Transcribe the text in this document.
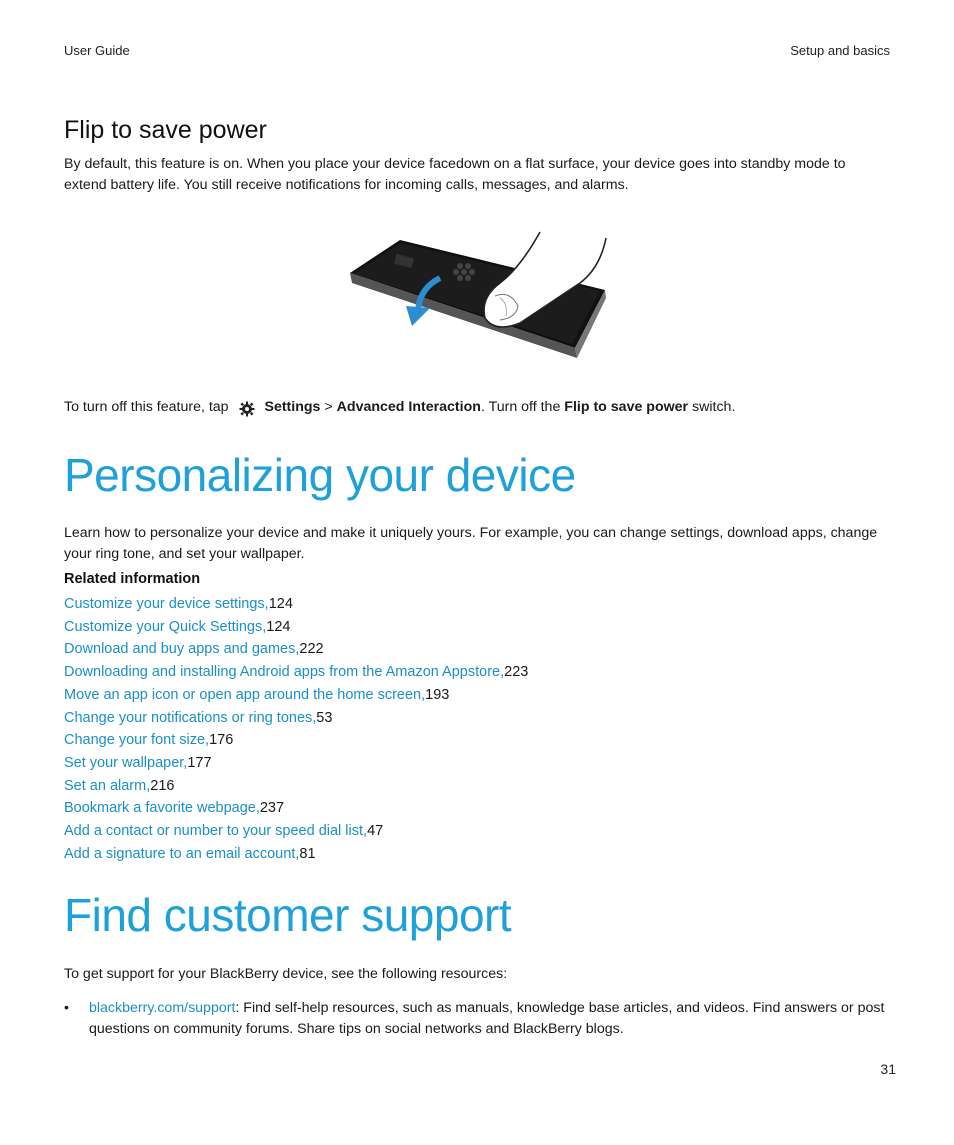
User Guide	Setup and basics
Flip to save power

By default, this feature is on. When you place your device facedown on a flat surface, your device goes into standby mode to extend battery life. You still receive notifications for incoming calls, messages, and alarms.

To turn off this feature, tap	Settings > Advanced Interaction. Turn off the Flip to save power switch.

Personalizing your device

Learn how to personalize your device and make it uniquely yours. For example, you can change settings, download apps, change your ring tone, and set your wallpaper.

Related information
Customize your device settings,124
Customize your Quick Settings,124
Download and buy apps and games,222
Downloading and installing Android apps from the Amazon Appstore,223
Move an app icon or open app around the home screen,193
Change your notifications or ring tones,53
Change your font size,176
Set your wallpaper,177
Set an alarm,216
Bookmark a favorite webpage,237
Add a contact or number to your speed dial list,47
Add a signature to an email account,81
Find customer support

To get support for your BlackBerry device, see the following resources:

• blackberry.com/support: Find self-help resources, such as manuals, knowledge base articles, and videos. Find answers or post questions on community forums. Share tips on social networks and BlackBerry blogs.

31
